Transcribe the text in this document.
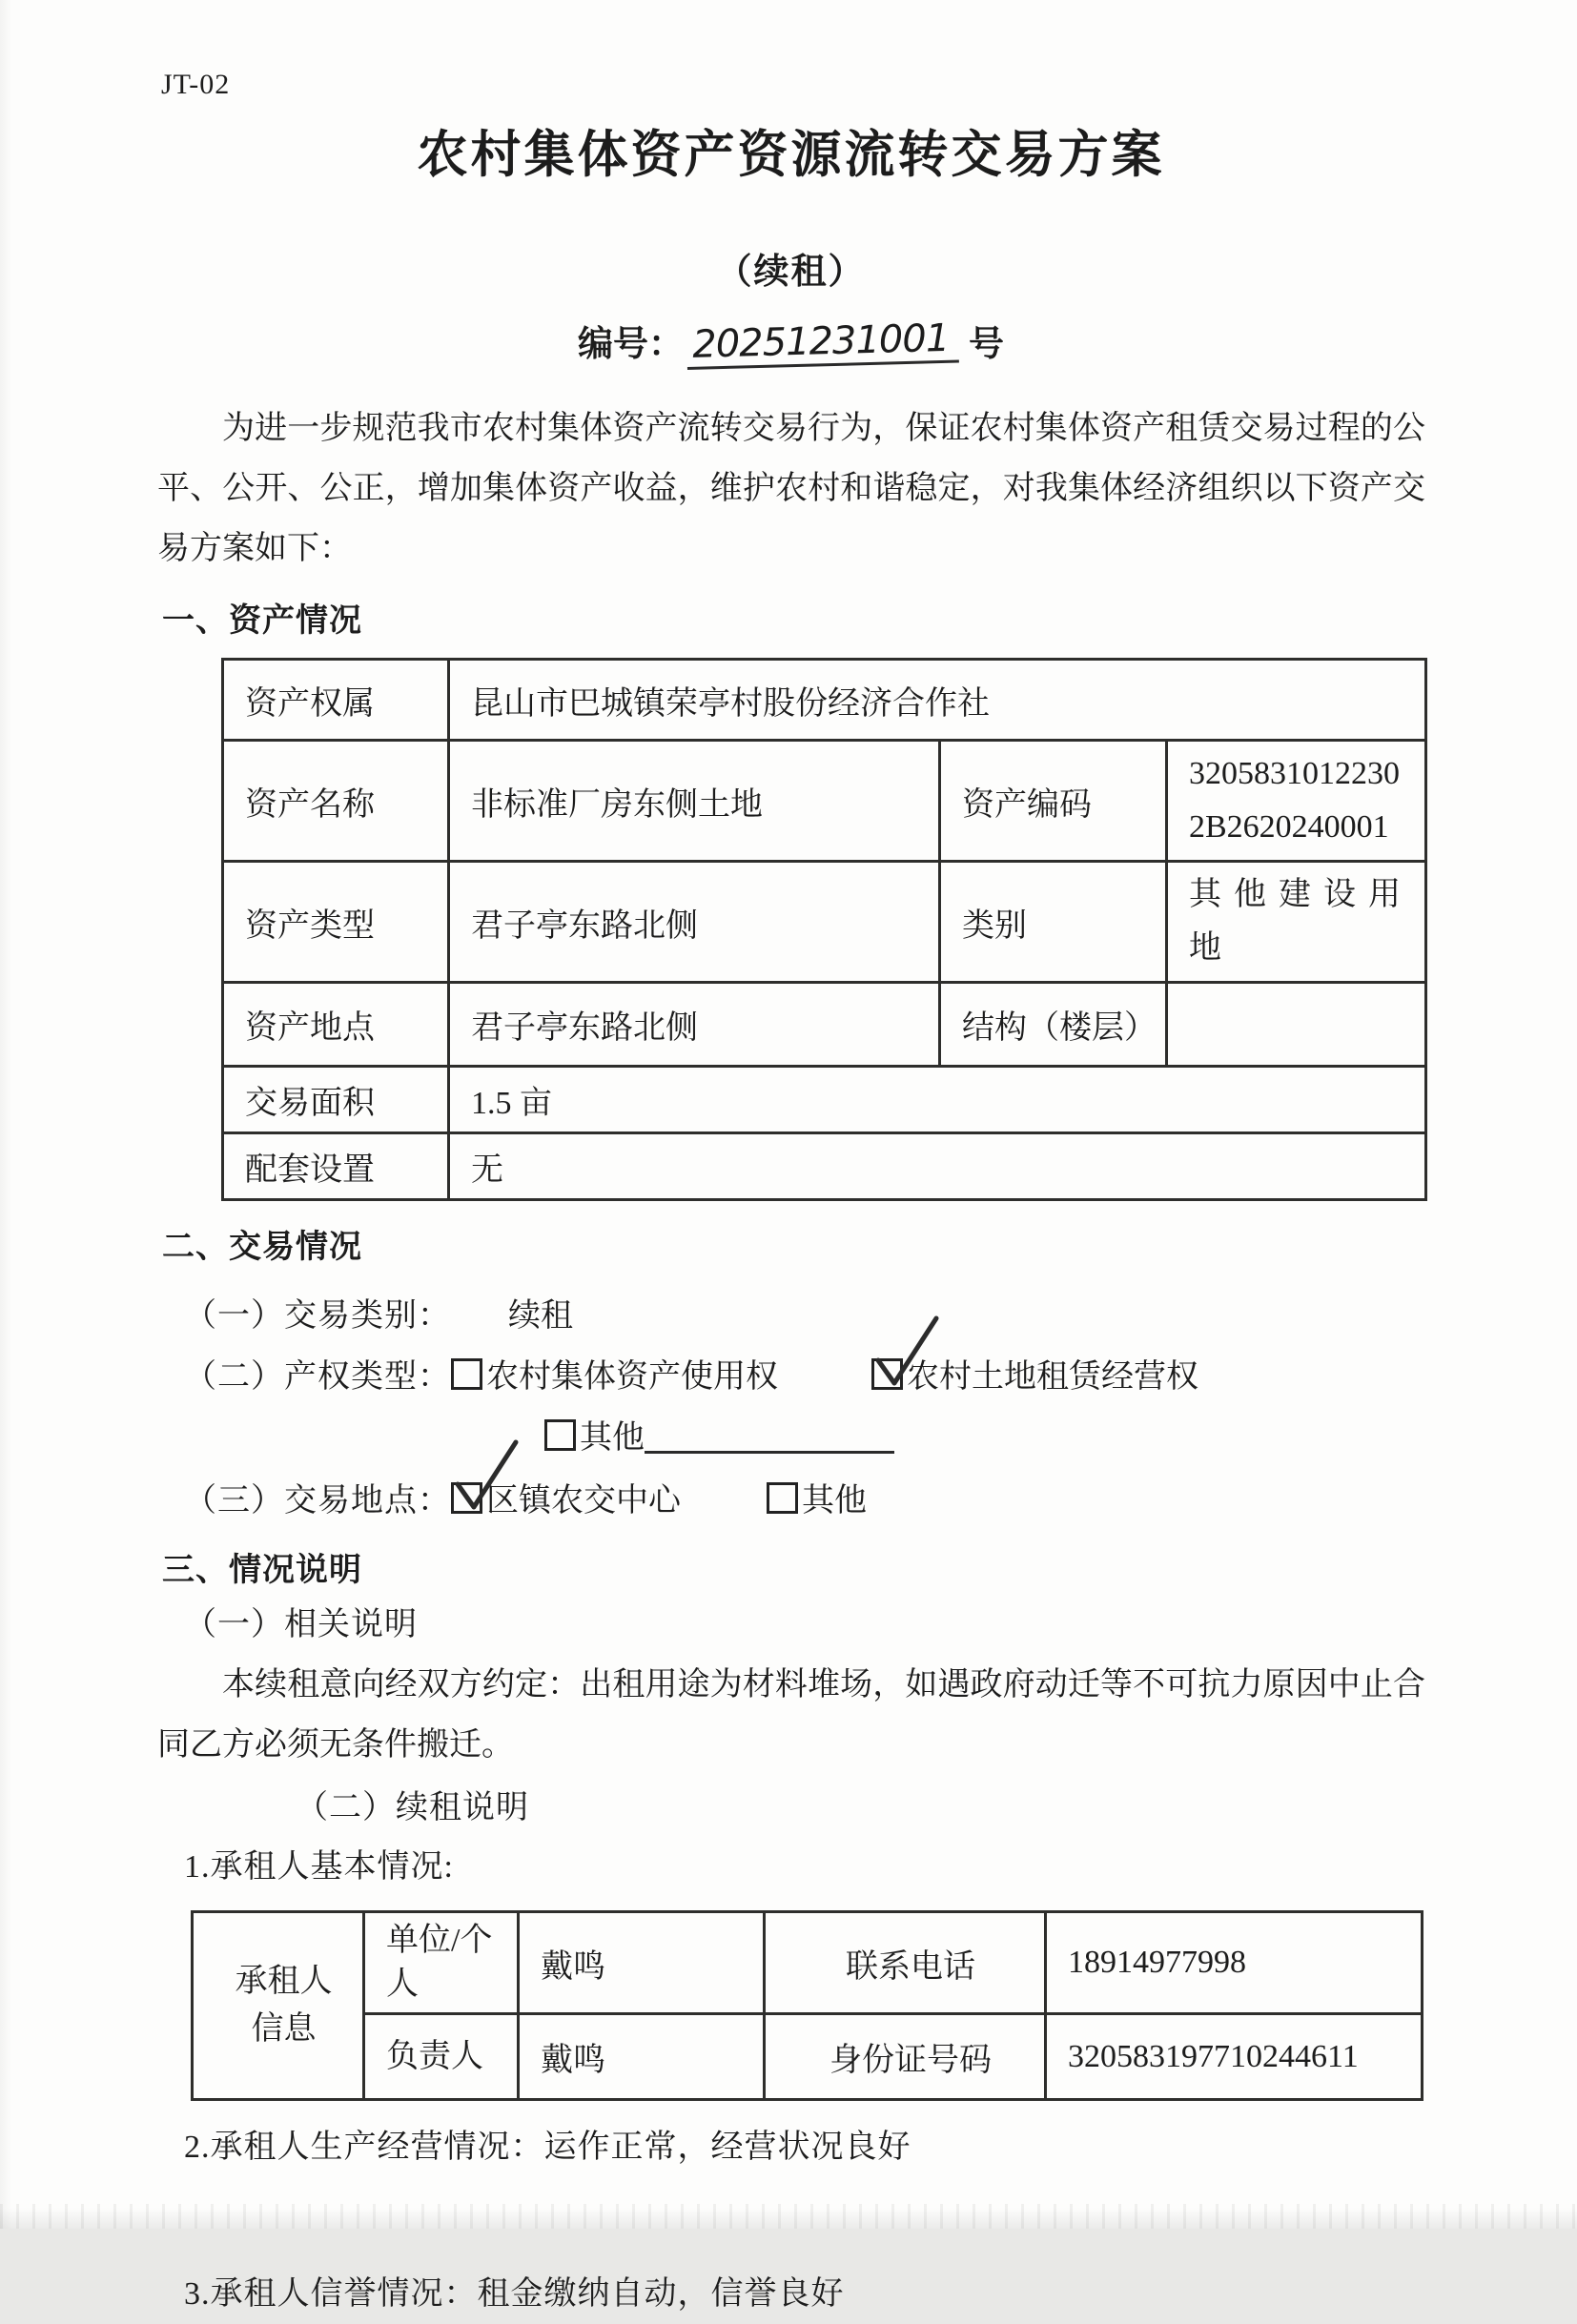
JT-02
农村集体资产资源流转交易方案
（续租）
编号： 20251231001 号

为进一步规范我市农村集体资产流转交易行为，保证农村集体资产租赁交易过程的公平、公开、公正，增加集体资产收益，维护农村和谐稳定，对我集体经济组织以下资产交易方案如下：

一、资产情况
资产权属	昆山市巴城镇荣亭村股份经济合作社		
资产名称	非标准厂房东侧土地	资产编码	3205831012230
2B2620240001

资产类型	君子亭东路北侧	类别	其他建设用地
资产地点	君子亭东路北侧	结构（楼层）	
交易面积	1.5 亩		
配套设置	无		
二、交易情况
（一）交易类别： 续租
（二）产权类型：	农村集体资产使用权	农村土地租赁经营权
其他
（三）交易地点：	区镇农交中心	其他
三、情况说明
（一）相关说明

本续租意向经双方约定：出租用途为材料堆场，如遇政府动迁等不可抗力原因中止合同乙方必须无条件搬迁。

（二）续租说明
1.承租人基本情况:
承租人信息	单位/个人	戴鸣	联系电话	18914977998
	负责人	戴鸣	身份证号码	320583197710244611
2.承租人生产经营情况：运作正常，经营状况良好
3.承租人信誉情况：租金缴纳自动，信誉良好
